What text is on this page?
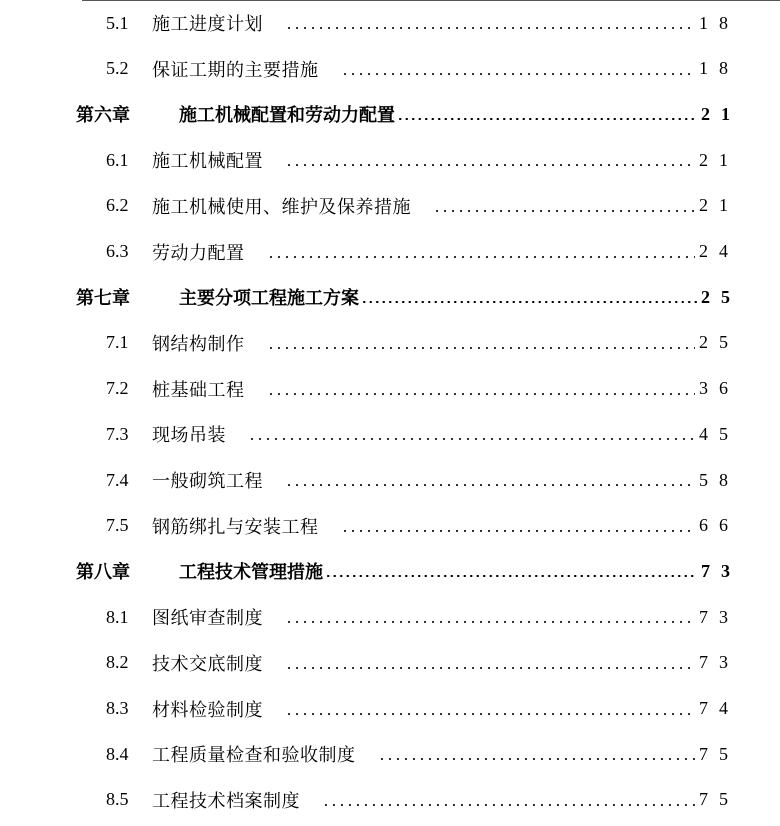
5.1	施工进度计划	18
5.2	保证工期的主要措施	18
第六章	施工机械配置和劳动力配置	21
6.1	施工机械配置	21
6.2	施工机械使用、维护及保养措施	21
6.3	劳动力配置	24
第七章	主要分项工程施工方案	25
7.1	钢结构制作	25
7.2	桩基础工程	36
7.3	现场吊装	45
7.4	一般砌筑工程	58
7.5	钢筋绑扎与安装工程	66
第八章	工程技术管理措施	73
8.1	图纸审查制度	73
8.2	技术交底制度	73
8.3	材料检验制度	74
8.4	工程质量检查和验收制度	75
8.5	工程技术档案制度	75
